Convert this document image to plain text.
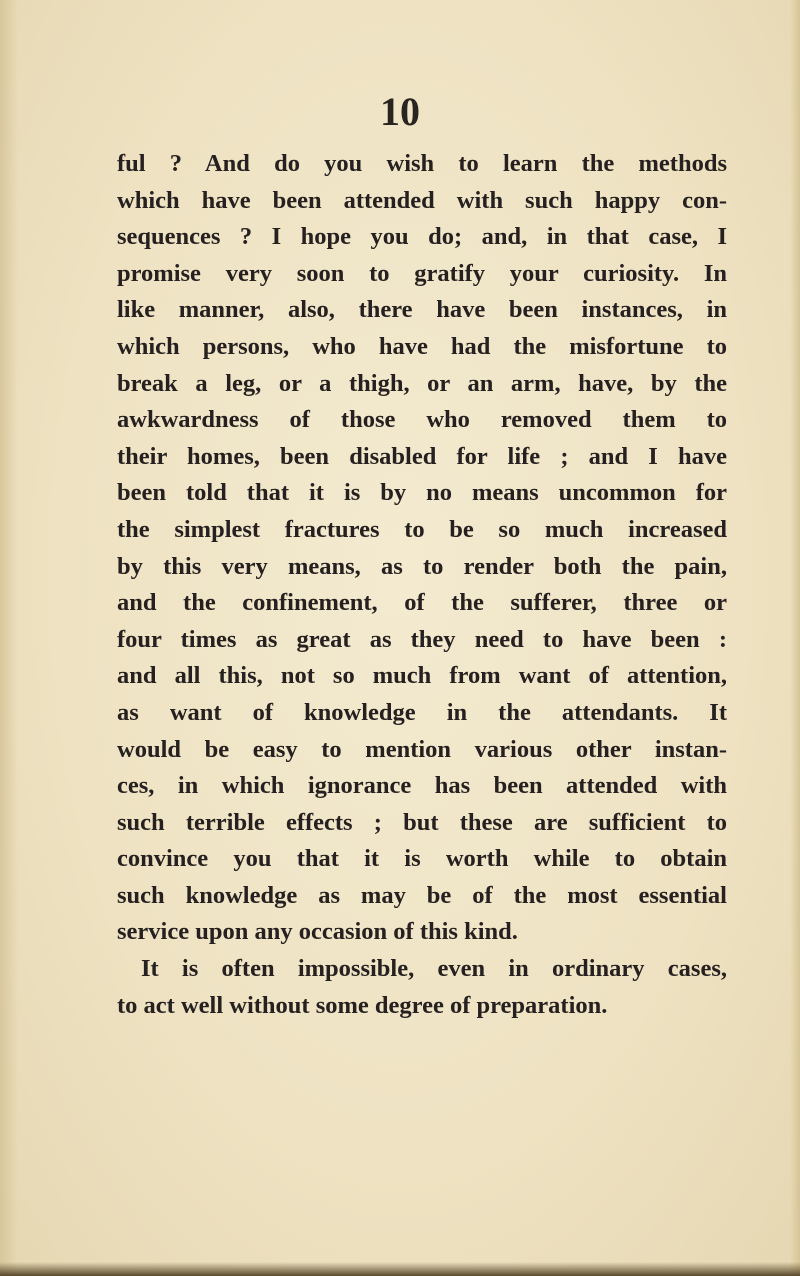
10
ful ? And do you wish to learn the methods
which have been attended with such happy con-
sequences ? I hope you do; and, in that case, I
promise very soon to gratify your curiosity. In
like manner, also, there have been instances, in
which persons, who have had the misfortune to
break a leg, or a thigh, or an arm, have, by the
awkwardness of those who removed them to
their homes, been disabled for life ; and I have
been told that it is by no means uncommon for
the simplest fractures to be so much increased
by this very means, as to render both the pain,
and the confinement, of the sufferer, three or
four times as great as they need to have been :
and all this, not so much from want of attention,
as want of knowledge in the attendants. It
would be easy to mention various other instan-
ces, in which ignorance has been attended with
such terrible effects ; but these are sufficient to
convince you that it is worth while to obtain
such knowledge as may be of the most essential
service upon any occasion of this kind.
It is often impossible, even in ordinary cases,
to act well without some degree of preparation.
